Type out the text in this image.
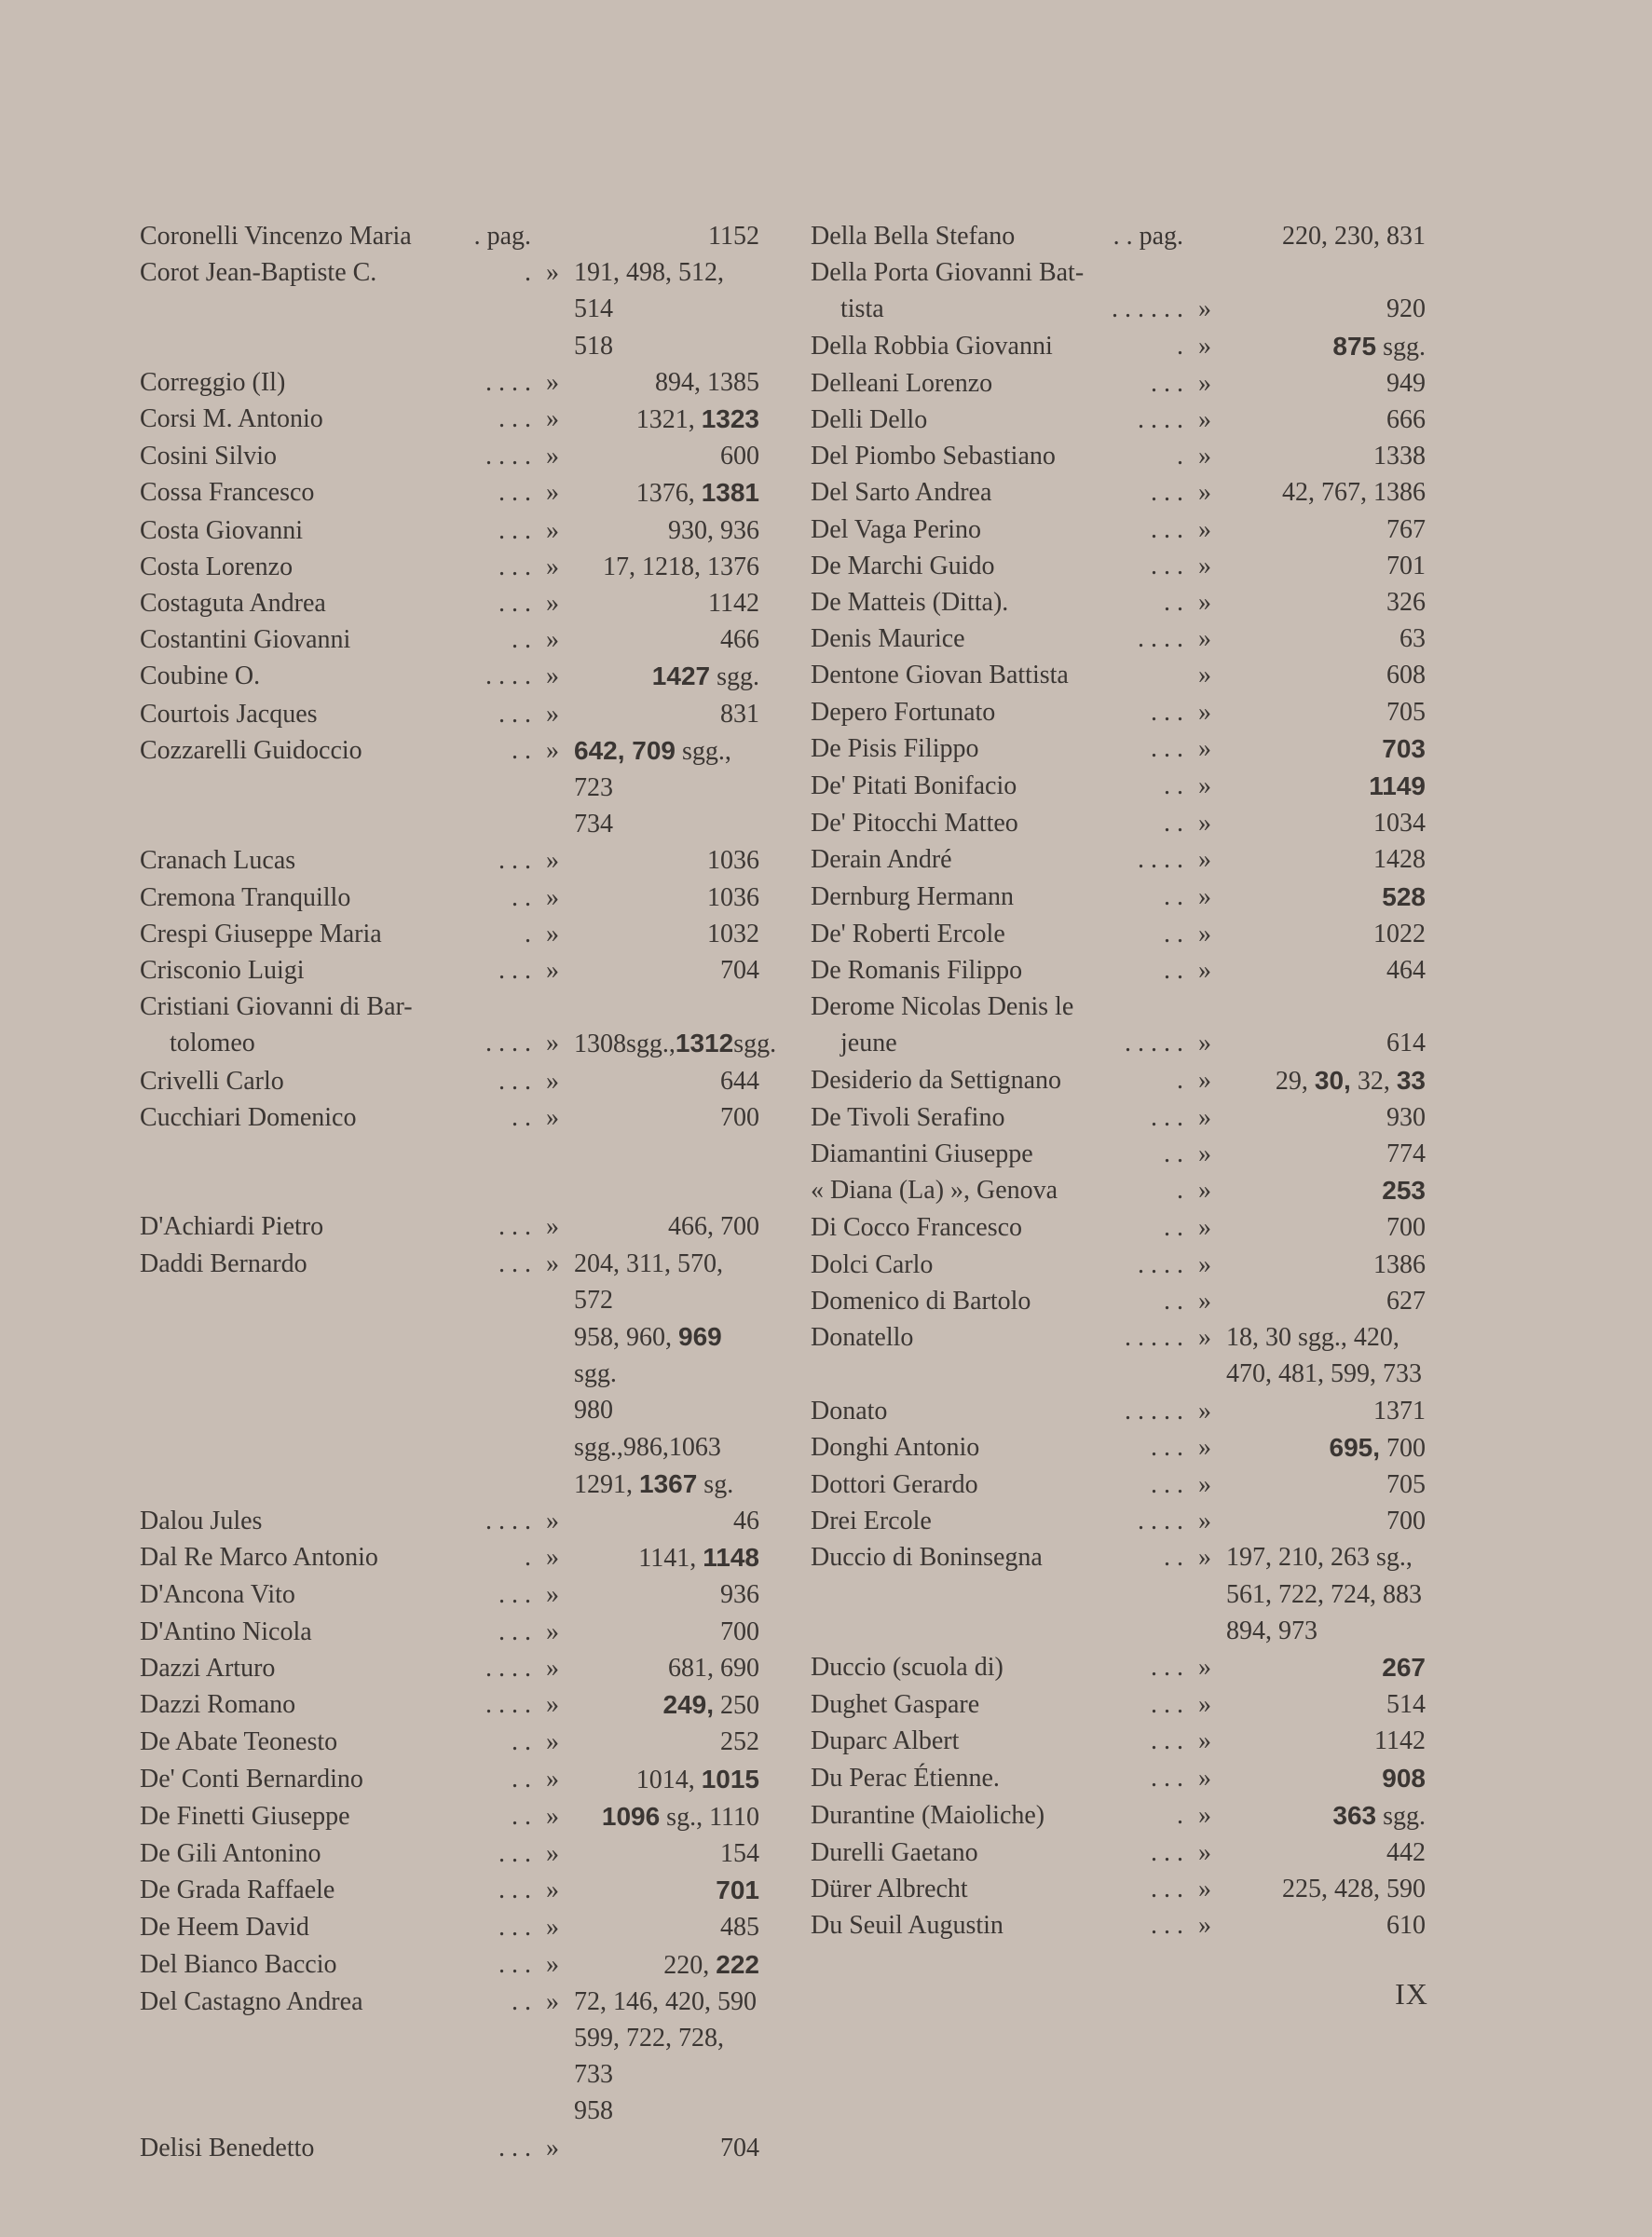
Coronelli Vincenzo Maria	. pag.	1152
Corot Jean-Baptiste C.	. » 191, 498, 512, 514
518
Correggio (Il)	. . . . »	894, 1385
Corsi M. Antonio	. . . »	1321, 1323
Cosini Silvio	. . . . »	600
Cossa Francesco	. . . »	1376, 1381
Costa Giovanni	. . . »	930, 936
Costa Lorenzo	. . . »	17, 1218, 1376
Costaguta Andrea	. . . »	1142
Costantini Giovanni	. . »	466
Coubine O.	. . . . »	1427 sgg.
Courtois Jacques	. . . »	831
Cozzarelli Guidoccio	. . » 642, 709 sgg., 723
734
Cranach Lucas	. . . »	1036
Cremona Tranquillo	. . »	1036
Crespi Giuseppe Maria	. »	1032
Crisconio Luigi	. . . »	704
Cristiani Giovanni di Bar-
tolomeo	. . . . » 1308sgg.,1312sgg.
Crivelli Carlo	. . . »	644
Cucchiari Domenico	. . »	700
D'Achiardi Pietro	. . . »	466, 700
Daddi Bernardo	. . . » 204, 311, 570, 572
958, 960, 969 sgg.
980 sgg.,986,1063
1291, 1367 sg.
Dalou Jules	. . . . »	46
Dal Re Marco Antonio	. »	1141, 1148
D'Ancona Vito	. . . »	936
D'Antino Nicola	. . . »	700
Dazzi Arturo	. . . . »	681, 690
Dazzi Romano	. . . . »	249, 250
De Abate Teonesto	. . »	252
De' Conti Bernardino	. . »	1014, 1015
De Finetti Giuseppe	. . »	1096 sg., 1110
De Gili Antonino	. . . »	154
De Grada Raffaele	. . . »	701
De Heem David	. . . »	485
Del Bianco Baccio	. . . »	220, 222
Del Castagno Andrea	. . » 72, 146, 420, 590
599, 722, 728, 733
958
Delisi Benedetto	. . . »	704
Della Bella Stefano	. . pag.	220, 230, 831
Della Porta Giovanni Bat-
tista	. . . . . . »	920
Della Robbia Giovanni	. »	875 sgg.
Delleani Lorenzo	. . . »	949
Delli Dello	. . . . »	666
Del Piombo Sebastiano	. »	1338
Del Sarto Andrea	. . . »	42, 767, 1386
Del Vaga Perino	. . . »	767
De Marchi Guido	. . . »	701
De Matteis (Ditta).	. . »	326
Denis Maurice	. . . . »	63
Dentone Giovan Battista	»	608
Depero Fortunato	. . . »	705
De Pisis Filippo	. . . »	703
De' Pitati Bonifacio	. . »	1149
De' Pitocchi Matteo	. . »	1034
Derain André	. . . . »	1428
Dernburg Hermann	. . »	528
De' Roberti Ercole	. . »	1022
De Romanis Filippo	. . »	464
Derome Nicolas Denis le
jeune	. . . . . »	614
Desiderio da Settignano	. »	29, 30, 32, 33
De Tivoli Serafino	. . . »	930
Diamantini Giuseppe	. . »	774
« Diana (La) », Genova	. »	253
Di Cocco Francesco	. . »	700
Dolci Carlo	. . . . »	1386
Domenico di Bartolo	. . »	627
Donatello	. . . . . » 18, 30 sgg., 420,
470, 481, 599, 733
Donato	. . . . . »	1371
Donghi Antonio	. . . »	695, 700
Dottori Gerardo	. . . »	705
Drei Ercole	. . . . »	700
Duccio di Boninsegna	. . » 197, 210, 263 sg.,
561, 722, 724, 883
894, 973
Duccio (scuola di)	. . . »	267
Dughet Gaspare	. . . »	514
Duparc Albert	. . . »	1142
Du Perac Étienne.	. . . »	908
Durantine (Maioliche)	. »	363 sgg.
Durelli Gaetano	. . . »	442
Dürer Albrecht	. . . »	225, 428, 590
Du Seuil Augustin	. . . »	610
IX
